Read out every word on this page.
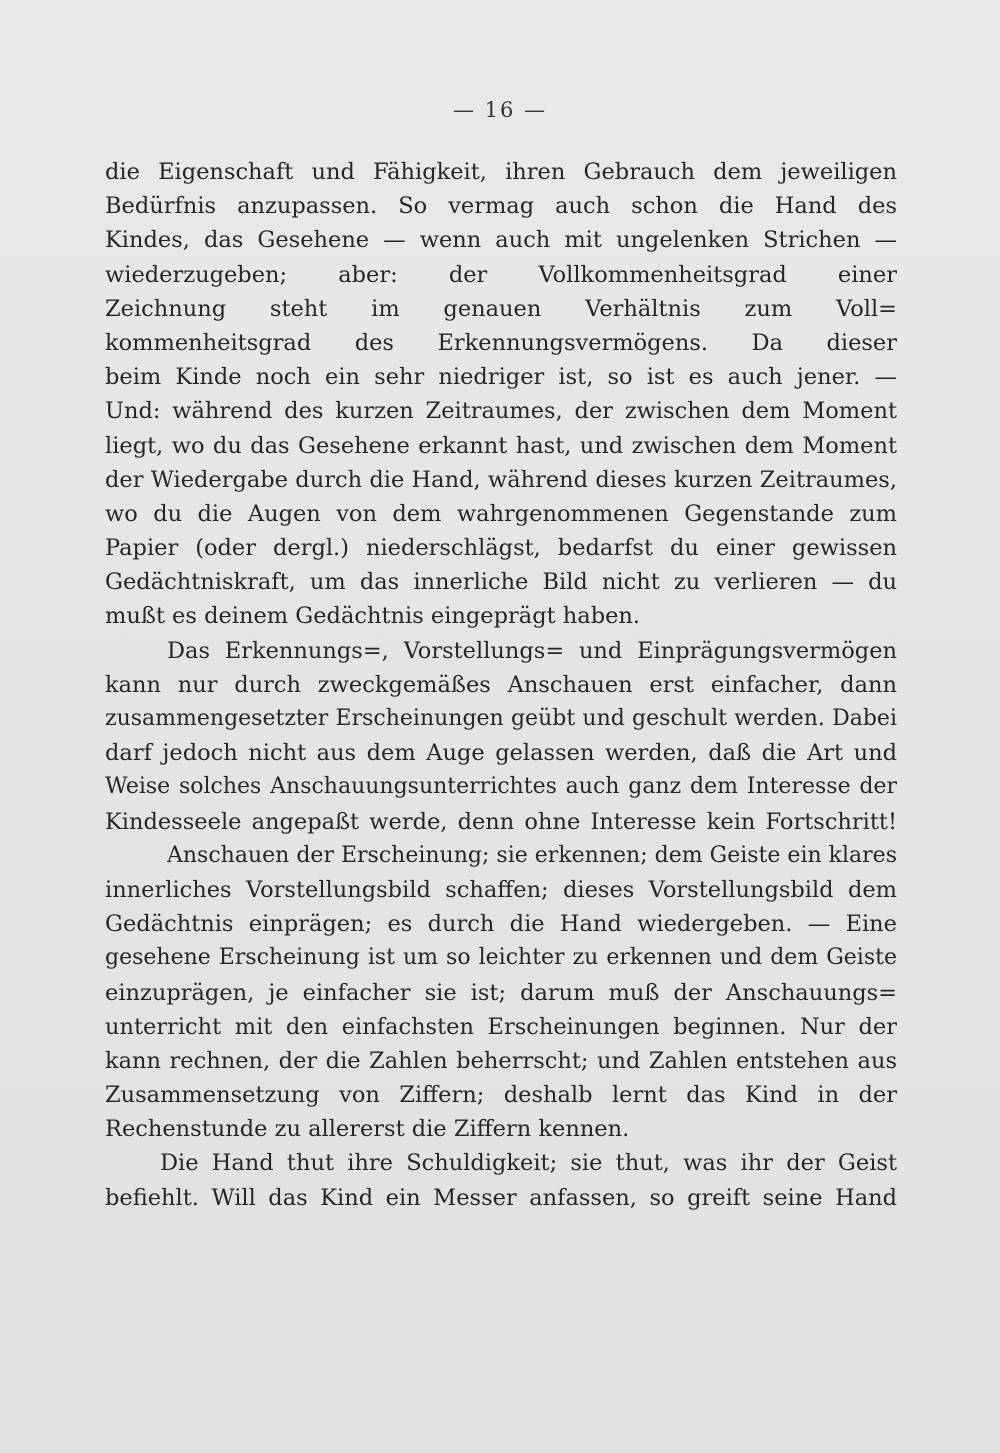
— 16 —
die Eigenschaft und Fähigkeit, ihren Gebrauch dem jeweiligen
Bedürfnis anzupassen. So vermag auch schon die Hand des
Kindes, das Gesehene — wenn auch mit ungelenken Strichen —
wiederzugeben; aber: der Vollkommenheitsgrad einer
Zeichnung steht im genauen Verhältnis zum Voll=
kommenheitsgrad des Erkennungsvermögens. Da dieser
beim Kinde noch ein sehr niedriger ist, so ist es auch jener. —
Und: während des kurzen Zeitraumes, der zwischen dem Moment
liegt, wo du das Gesehene erkannt hast, und zwischen dem Moment
der Wiedergabe durch die Hand, während dieses kurzen Zeitraumes,
wo du die Augen von dem wahrgenommenen Gegenstande zum
Papier (oder dergl.) niederschlägst, bedarfst du einer gewissen
Gedächtniskraft, um das innerliche Bild nicht zu verlieren — du
mußt es deinem Gedächtnis eingeprägt haben.
Das Erkennungs=, Vorstellungs= und Einprägungsvermögen
kann nur durch zweckgemäßes Anschauen erst einfacher, dann
zusammengesetzter Erscheinungen geübt und geschult werden. Dabei
darf jedoch nicht aus dem Auge gelassen werden, daß die Art und
Weise solches Anschauungsunterrichtes auch ganz dem Interesse der
Kindesseele angepaßt werde, denn ohne Interesse kein Fortschritt!
Anschauen der Erscheinung; sie erkennen; dem Geiste ein klares
innerliches Vorstellungsbild schaffen; dieses Vorstellungsbild dem
Gedächtnis einprägen; es durch die Hand wiedergeben. — Eine
gesehene Erscheinung ist um so leichter zu erkennen und dem Geiste
einzuprägen, je einfacher sie ist; darum muß der Anschauungs=
unterricht mit den einfachsten Erscheinungen beginnen. Nur der
kann rechnen, der die Zahlen beherrscht; und Zahlen entstehen aus
Zusammensetzung von Ziffern; deshalb lernt das Kind in der
Rechenstunde zu allererst die Ziffern kennen.
Die Hand thut ihre Schuldigkeit; sie thut, was ihr der Geist
befiehlt. Will das Kind ein Messer anfassen, so greift seine Hand
